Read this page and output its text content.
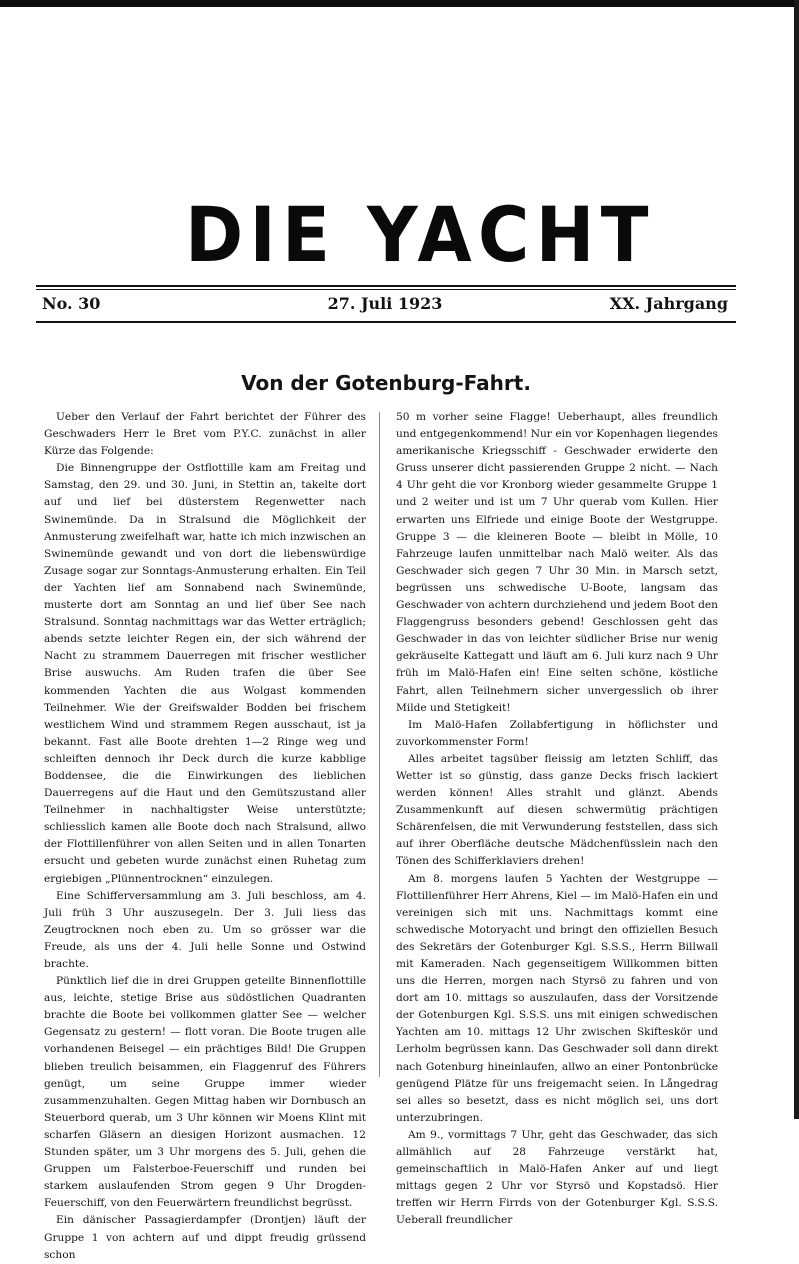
DIE YACHT
27. Juli 1923
No. 30	XX. Jahrgang
Von der Gotenburg-Fahrt.

Ueber den Verlauf der Fahrt berichtet der Führer des Geschwaders Herr le Bret vom P.Y.C. zunächst in aller Kürze das Folgende:

Die Binnengruppe der Ostflottille kam am Freitag und Samstag, den 29. und 30. Juni, in Stettin an, takelte dort auf und lief bei düsterstem Regenwetter nach Swinemünde. Da in Stralsund die Möglichkeit der Anmusterung zweifelhaft war, hatte ich mich inzwischen an Swinemünde gewandt und von dort die liebenswürdige Zusage sogar zur Sonntags-Anmusterung erhalten. Ein Teil der Yachten lief am Sonnabend nach Swinemünde, musterte dort am Sonntag an und lief über See nach Stralsund. Sonntag nachmittags war das Wetter erträglich; abends setzte leichter Regen ein, der sich während der Nacht zu strammem Dauerregen mit frischer westlicher Brise auswuchs. Am Ruden trafen die über See kommenden Yachten die aus Wolgast kommenden Teilnehmer. Wie der Greifswalder Bodden bei frischem westlichem Wind und strammem Regen ausschaut, ist ja bekannt. Fast alle Boote drehten 1—2 Ringe weg und schleiften dennoch ihr Deck durch die kurze kabblige Boddensee, die die Einwirkungen des lieblichen Dauerregens auf die Haut und den Gemütszustand aller Teilnehmer in nachhaltigster Weise unterstützte; schliesslich kamen alle Boote doch nach Stralsund, allwo der Flottillenführer von allen Seiten und in allen Tonarten ersucht und gebeten wurde zunächst einen Ruhetag zum ergiebigen „Plünnentrocknen“ einzulegen.

Eine Schifferversammlung am 3. Juli beschloss, am 4. Juli früh 3 Uhr auszusegeln. Der 3. Juli liess das Zeugtrocknen noch eben zu. Um so grösser war die Freude, als uns der 4. Juli helle Sonne und Ostwind brachte.

Pünktlich lief die in drei Gruppen geteilte Binnenflottille aus, leichte, stetige Brise aus südöstlichen Quadranten brachte die Boote bei vollkommen glatter See — welcher Gegensatz zu gestern! — flott voran. Die Boote trugen alle vorhandenen Beisegel — ein prächtiges Bild! Die Gruppen blieben treulich beisammen, ein Flaggenruf des Führers genügt, um seine Gruppe immer wieder zusammenzuhalten. Gegen Mittag haben wir Dornbusch an Steuerbord querab, um 3 Uhr können wir Moens Klint mit scharfen Gläsern an diesigen Horizont ausmachen. 12 Stunden später, um 3 Uhr morgens des 5. Juli, gehen die Gruppen um Falsterboe-Feuerschiff und runden bei starkem auslaufenden Strom gegen 9 Uhr Drogden-Feuerschiff, von den Feuerwärtern freundlichst begrüsst.

Ein dänischer Passagierdampfer (Drontjen) läuft der Gruppe 1 von achtern auf und dippt freudig grüssend schon

50 m vorher seine Flagge! Ueberhaupt, alles freundlich und entgegenkommend! Nur ein vor Kopenhagen liegendes amerikanische Kriegsschiff - Geschwader erwiderte den Gruss unserer dicht passierenden Gruppe 2 nicht. — Nach 4 Uhr geht die vor Kronborg wieder gesammelte Gruppe 1 und 2 weiter und ist um 7 Uhr querab vom Kullen. Hier erwarten uns Elfriede und einige Boote der Westgruppe. Gruppe 3 — die kleineren Boote — bleibt in Mölle, 10 Fahrzeuge laufen unmittelbar nach Malö weiter. Als das Geschwader sich gegen 7 Uhr 30 Min. in Marsch setzt, begrüssen uns schwedische U-Boote, langsam das Geschwader von achtern durchziehend und jedem Boot den Flaggengruss besonders gebend! Geschlossen geht das Geschwader in das von leichter südlicher Brise nur wenig gekräuselte Kattegatt und läuft am 6. Juli kurz nach 9 Uhr früh im Malö-Hafen ein! Eine selten schöne, köstliche Fahrt, allen Teilnehmern sicher unvergesslich ob ihrer Milde und Stetigkeit!

Im Malö-Hafen Zollabfertigung in höflichster und zuvorkommenster Form!

Alles arbeitet tagsüber fleissig am letzten Schliff, das Wetter ist so günstig, dass ganze Decks frisch lackiert werden können! Alles strahlt und glänzt. Abends Zusammenkunft auf diesen schwermütig prächtigen Schärenfelsen, die mit Verwunderung feststellen, dass sich auf ihrer Oberfläche deutsche Mädchenfüsslein nach den Tönen des Schifferklaviers drehen!

Am 8. morgens laufen 5 Yachten der Westgruppe — Flottillenführer Herr Ahrens, Kiel — im Malö-Hafen ein und vereinigen sich mit uns. Nachmittags kommt eine schwedische Motoryacht und bringt den offiziellen Besuch des Sekretärs der Gotenburger Kgl. S.S.S., Herrn Billwall mit Kameraden. Nach gegenseitigem Willkommen bitten uns die Herren, morgen nach Styrsö zu fahren und von dort am 10. mittags so auszulaufen, dass der Vorsitzende der Gotenburgen Kgl. S.S.S. uns mit einigen schwedischen Yachten am 10. mittags 12 Uhr zwischen Skifteskör und Lerholm begrüssen kann. Das Geschwader soll dann direkt nach Gotenburg hineinlaufen, allwo an einer Pontonbrücke genügend Plätze für uns freigemacht seien. In Långedrag sei alles so besetzt, dass es nicht möglich sei, uns dort unterzubringen.

Am 9., vormittags 7 Uhr, geht das Geschwader, das sich allmählich auf 28 Fahrzeuge verstärkt hat, gemeinschaftlich in Malö-Hafen Anker auf und liegt mittags gegen 2 Uhr vor Styrsö und Kopstadsö. Hier treffen wir Herrn Firrds von der Gotenburger Kgl. S.S.S. Ueberall freundlicher
